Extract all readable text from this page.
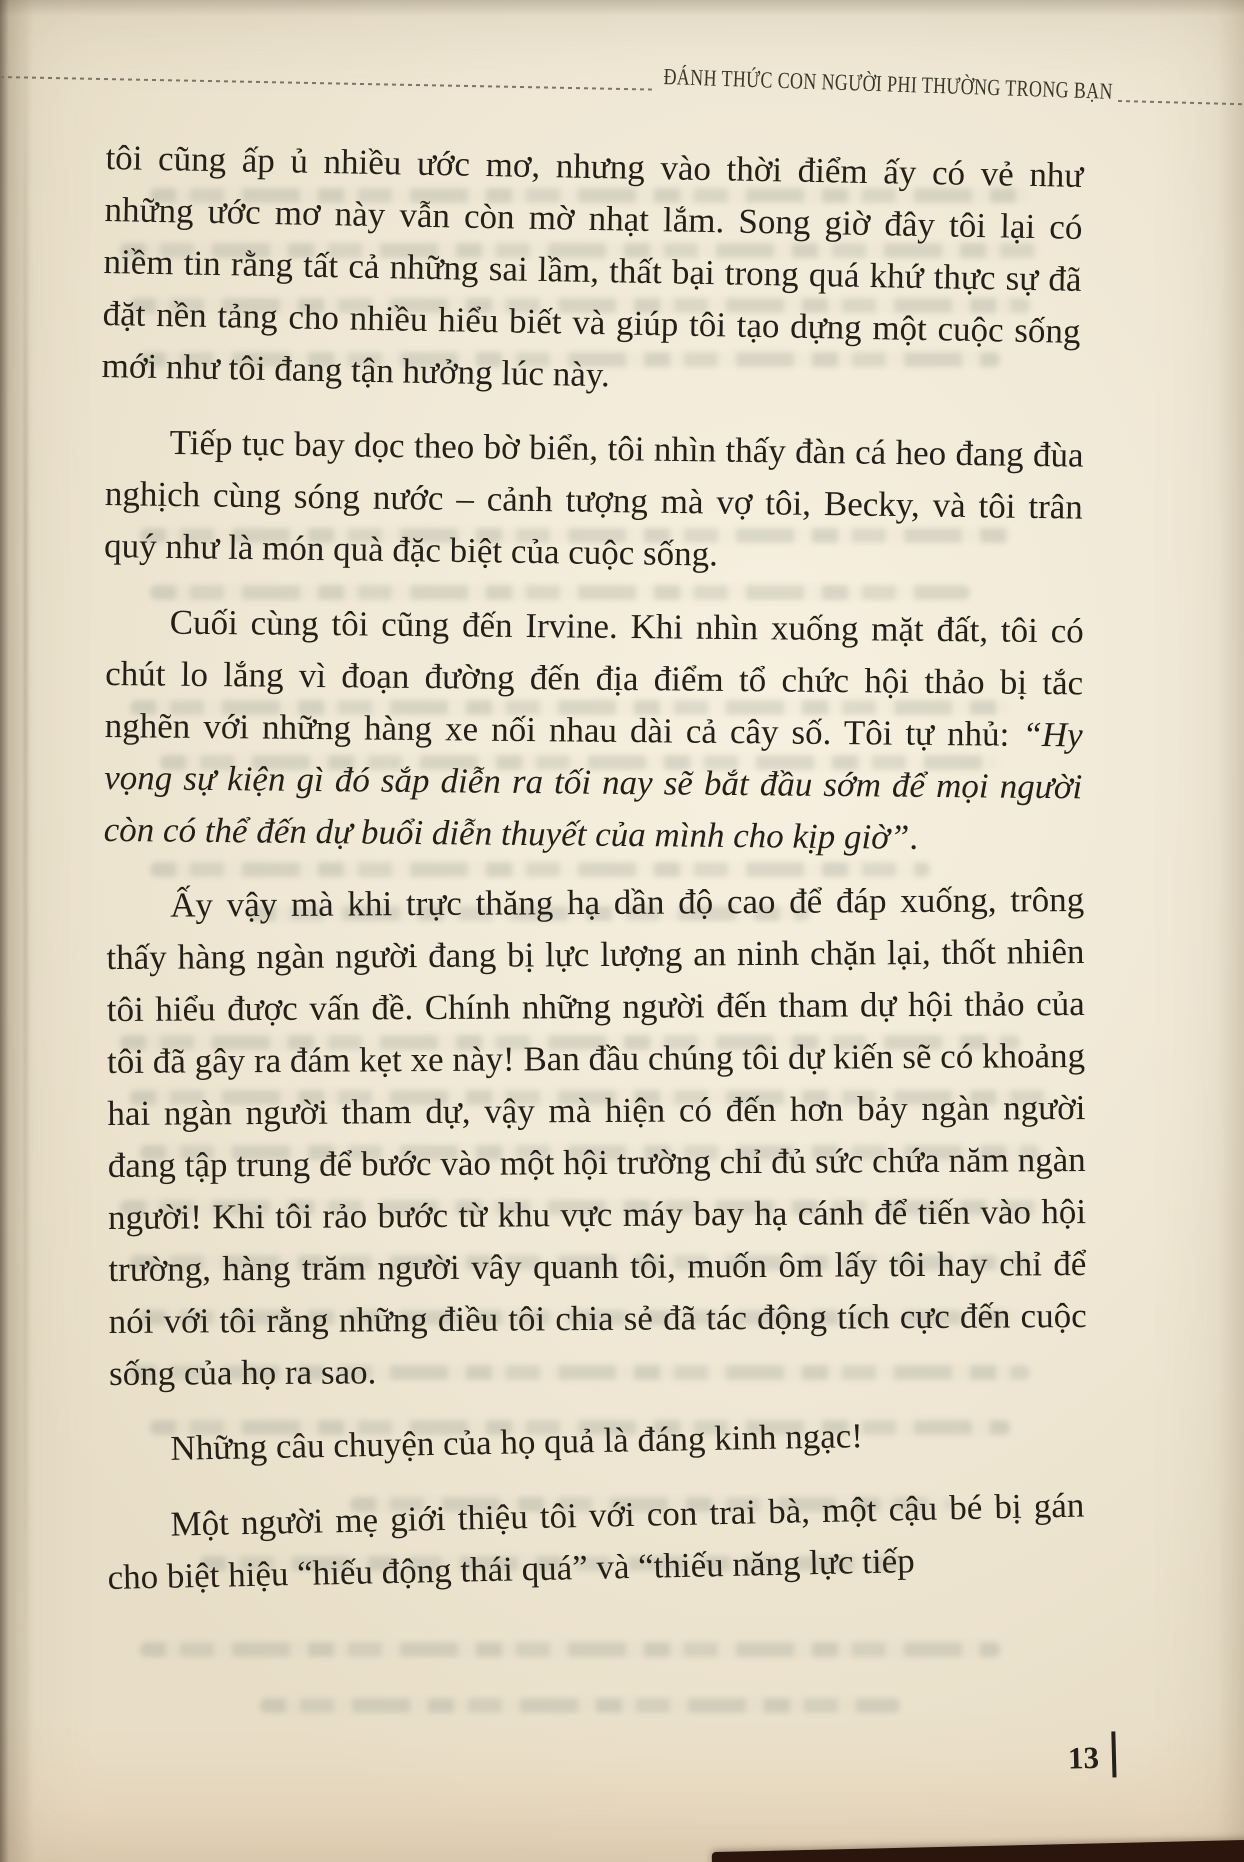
ĐÁNH THỨC CON NGƯỜI PHI THƯỜNG TRONG BẠN

tôi cũng ấp ủ nhiều ước mơ, nhưng vào thời điểm ấy có vẻ như những ước mơ này vẫn còn mờ nhạt lắm. Song giờ đây tôi lại có niềm tin rằng tất cả những sai lầm, thất bại trong quá khứ thực sự đã đặt nền tảng cho nhiều hiểu biết và giúp tôi tạo dựng một cuộc sống mới như tôi đang tận hưởng lúc này.

Tiếp tục bay dọc theo bờ biển, tôi nhìn thấy đàn cá heo đang đùa nghịch cùng sóng nước – cảnh tượng mà vợ tôi, Becky, và tôi trân quý như là món quà đặc biệt của cuộc sống.

Cuối cùng tôi cũng đến Irvine. Khi nhìn xuống mặt đất, tôi có chút lo lắng vì đoạn đường đến địa điểm tổ chức hội thảo bị tắc nghẽn với những hàng xe nối nhau dài cả cây số. Tôi tự nhủ: “Hy vọng sự kiện gì đó sắp diễn ra tối nay sẽ bắt đầu sớm để mọi người còn có thể đến dự buổi diễn thuyết của mình cho kịp giờ”.

Ấy vậy mà khi trực thăng hạ dần độ cao để đáp xuống, trông thấy hàng ngàn người đang bị lực lượng an ninh chặn lại, thốt nhiên tôi hiểu được vấn đề. Chính những người đến tham dự hội thảo của tôi đã gây ra đám kẹt xe này! Ban đầu chúng tôi dự kiến sẽ có khoảng hai ngàn người tham dự, vậy mà hiện có đến hơn bảy ngàn người đang tập trung để bước vào một hội trường chỉ đủ sức chứa năm ngàn người! Khi tôi rảo bước từ khu vực máy bay hạ cánh để tiến vào hội trường, hàng trăm người vây quanh tôi, muốn ôm lấy tôi hay chỉ để nói với tôi rằng những điều tôi chia sẻ đã tác động tích cực đến cuộc sống của họ ra sao.

Những câu chuyện của họ quả là đáng kinh ngạc!

Một người mẹ giới thiệu tôi với con trai bà, một cậu bé bị gán cho biệt hiệu “hiếu động thái quá” và “thiếu năng lực tiếp

13
